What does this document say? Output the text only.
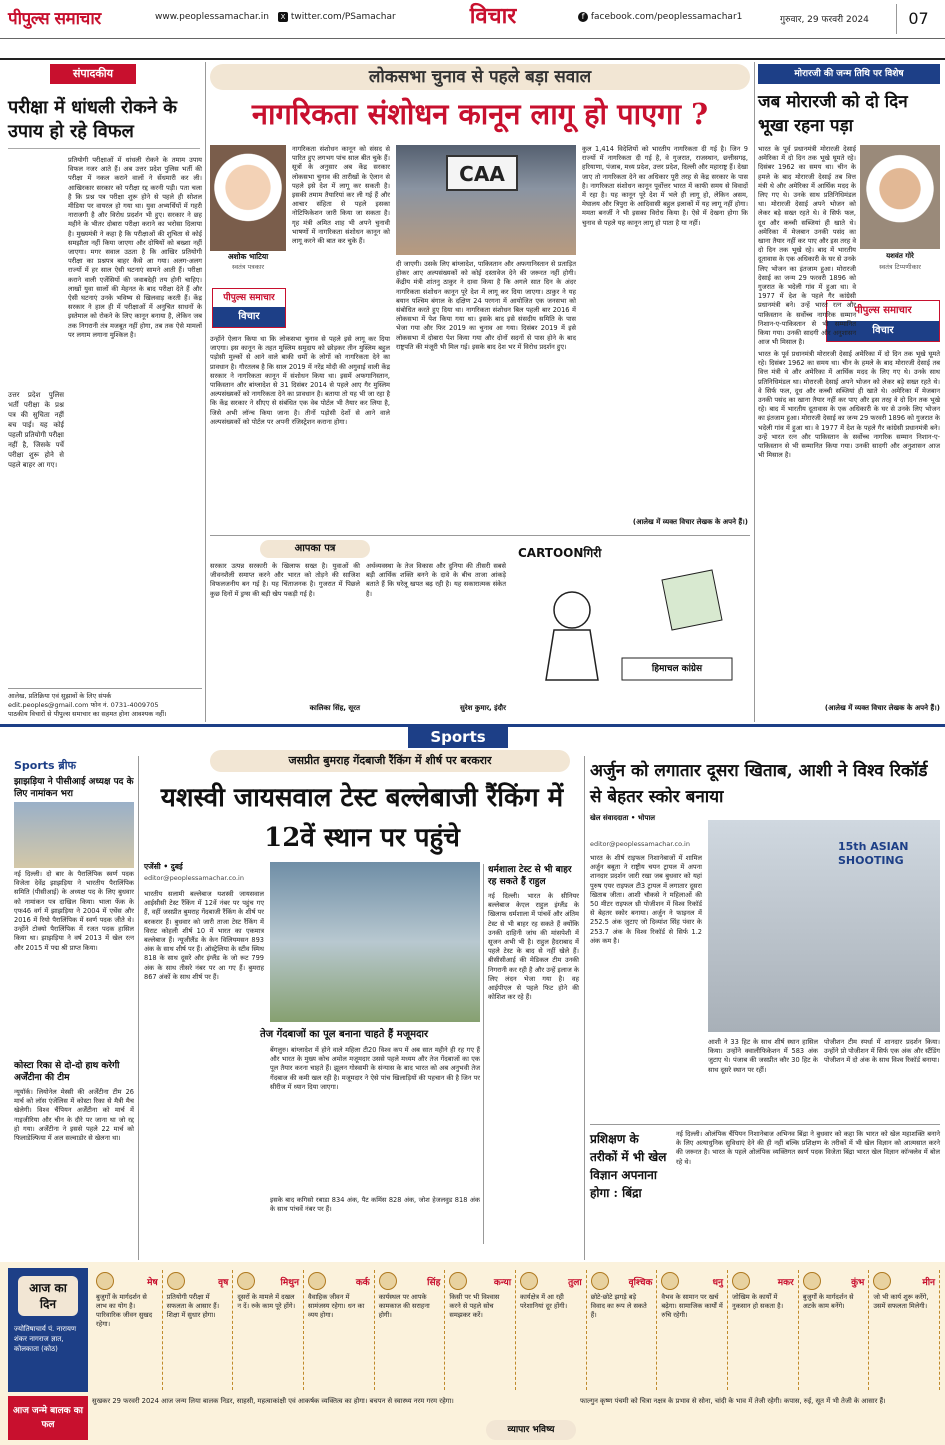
पीपुल्स समाचार	www.peoplessamachar.in	X twitter.com/PSamachar	विचार	f facebook.com/peoplessamachar1	गुरुवार, 29 फरवरी 2024	07
संपादकीय
परीक्षा में धांधली रोकने के उपाय हो रहे विफल
प्रतियोगी परीक्षाओं में धांधली रोकने के तमाम उपाय विफल नजर आते हैं। अब उत्तर प्रदेश पुलिस भर्ती की परीक्षा में नकल कराने वालों ने सेंधमारी कर ली। आखिरकार सरकार को परीक्षा रद्द करनी पड़ी। पता चला है कि प्रश्न पत्र परीक्षा शुरू होने से पहले ही सोशल मीडिया पर वायरल हो गया था। युवा अभ्यर्थियों में गहरी नाराजगी है और विरोध प्रदर्शन भी हुए। सरकार ने छह महीने के भीतर दोबारा परीक्षा कराने का भरोसा दिलाया है। मुख्यमंत्री ने कहा है कि परीक्षाओं की शुचिता से कोई समझौता नहीं किया जाएगा और दोषियों को बख्शा नहीं जाएगा। मगर सवाल उठता है कि आखिर प्रतियोगी परीक्षा का प्रश्नपत्र बाहर कैसे आ गया। अलग-अलग राज्यों में हर साल ऐसी घटनाएं सामने आती हैं। परीक्षा कराने वाली एजेंसियों की जवाबदेही तय होनी चाहिए। लाखों युवा सालों की मेहनत के बाद परीक्षा देते हैं और ऐसी घटनाएं उनके भविष्य से खिलवाड़ करती हैं। केंद्र सरकार ने हाल ही में परीक्षाओं में अनुचित साधनों के इस्तेमाल को रोकने के लिए कानून बनाया है, लेकिन जब तक निगरानी तंत्र मजबूत नहीं होगा, तब तक ऐसे मामलों पर लगाम लगाना मुश्किल है।
उत्तर प्रदेश पुलिस भर्ती परीक्षा के प्रश्न पत्र की सुचिता नहीं बच पाई। यह कोई पहली प्रतियोगी परीक्षा नहीं है, जिसके पर्चे परीक्षा शुरू होने से पहले बाहर आ गए।
आलेख, प्रतिक्रिया एवं सुझावों के लिए संपर्क
edit.peoples@gmail.com फोन नं. 0731-4009705
पाठकीय विचारों से पीपुल्स समाचार का सहमत होना आवश्यक नहीं।
लोकसभा चुनाव से पहले बड़ा सवाल
नागरिकता संशोधन कानून लागू हो पाएगा ?
अशोक भाटिया
स्वतंत्र पत्रकार
पीपुल्स समाचार
विचार
नागरिकता संशोधन कानून को संसद से पारित हुए लगभग पांच साल बीत चुके हैं। सूत्रों के अनुसार अब केंद्र सरकार लोकसभा चुनाव की तारीखों के ऐलान से पहले इसे देश में लागू कर सकती है। इसकी तमाम तैयारियां कर ली गई हैं और आचार संहिता से पहले इसका नोटिफिकेशन जारी किया जा सकता है। गृह मंत्री अमित शाह भी अपने चुनावी भाषणों में नागरिकता संशोधन कानून को लागू करने की बात कर चुके हैं।
उन्होंने ऐलान किया था कि लोकसभा चुनाव से पहले इसे लागू कर दिया जाएगा। इस कानून के तहत मुस्लिम समुदाय को छोड़कर तीन मुस्लिम बहुल पड़ोसी मुल्कों से आने वाले बाकी धर्मों के लोगों को नागरिकता देने का प्रावधान है। गौरतलब है कि साल 2019 में नरेंद्र मोदी की अगुवाई वाली केंद्र सरकार ने नागरिकता कानून में संशोधन किया था। इसमें अफगानिस्तान, पाकिस्तान और बांग्लादेश से 31 दिसंबर 2014 से पहले आए गैर मुस्लिम अल्पसंख्यकों को नागरिकता देने का प्रावधान है। बताया तो यह भी जा रहा है कि केंद्र सरकार ने सीएए से संबंधित एक वेब पोर्टल भी तैयार कर लिया है, जिसे अभी लॉन्च किया जाना है। तीनों पड़ोसी देशों से आने वाले अल्पसंख्यकों को पोर्टल पर अपनी रजिस्ट्रेशन कराना होगा।
CAA
दी जाएगी। उसके लिए बांग्लादेश, पाकिस्तान और अफगानिस्तान से प्रताड़ित होकर आए अल्पसंख्यकों को कोई दस्तावेज देने की जरूरत नहीं होगी। केंद्रीय मंत्री शांतनु ठाकुर ने दावा किया है कि अगले सात दिन के अंदर नागरिकता संशोधन कानून पूरे देश में लागू कर दिया जाएगा। ठाकुर ने यह बयान पश्चिम बंगाल के दक्षिण 24 परगना में आयोजित एक जनसभा को संबोधित करते हुए दिया था। नागरिकता संशोधन बिल पहली बार 2016 में लोकसभा में पेश किया गया था। इसके बाद इसे संसदीय समिति के पास भेजा गया और फिर 2019 का चुनाव आ गया। दिसंबर 2019 में इसे लोकसभा में दोबारा पेश किया गया और दोनों सदनों से पास होने के बाद राष्ट्रपति की मंजूरी भी मिल गई। इसके बाद देश भर में विरोध प्रदर्शन हुए।
कुल 1,414 विदेशियों को भारतीय नागरिकता दी गई है। जिन 9 राज्यों में नागरिकता दी गई है, वे गुजरात, राजस्थान, छत्तीसगढ़, हरियाणा, पंजाब, मध्य प्रदेश, उत्तर प्रदेश, दिल्ली और महाराष्ट्र हैं। देखा जाए तो नागरिकता देने का अधिकार पूरी तरह से केंद्र सरकार के पास है। नागरिकता संशोधन कानून पूर्वोत्तर भारत में काफी समय से विवादों में रहा है। यह कानून पूरे देश में भले ही लागू हो, लेकिन असम, मेघालय और त्रिपुरा के आदिवासी बहुल इलाकों में यह लागू नहीं होगा। ममता बनर्जी ने भी इसका विरोध किया है। ऐसे में देखना होगा कि चुनाव से पहले यह कानून लागू हो पाता है या नहीं।
(आलेख में व्यक्त विचार लेखक के अपने हैं।)
मोरारजी की जन्म तिथि पर विशेष
जब मोरारजी को दो दिन भूखा रहना पड़ा
यशवंत गोरे
स्वतंत्र टिप्पणीकार
पीपुल्स समाचार
विचार
भारत के पूर्व प्रधानमंत्री मोरारजी देसाई अमेरिका में दो दिन तक भूखे घूमते रहे। दिसंबर 1962 का समय था। चीन के हमले के बाद मोरारजी देसाई तब वित्त मंत्री थे और अमेरिका में आर्थिक मदद के लिए गए थे। उनके साथ प्रतिनिधिमंडल था। मोरारजी देसाई अपने भोजन को लेकर बड़े सख्त रहते थे। वे सिर्फ फल, दूध और कच्ची सब्जियां ही खाते थे। अमेरिका में मेजबान उनकी पसंद का खाना तैयार नहीं कर पाए और इस तरह वे दो दिन तक भूखे रहे। बाद में भारतीय दूतावास के एक अधिकारी के घर से उनके लिए भोजन का इंतजाम हुआ। मोरारजी देसाई का जन्म 29 फरवरी 1896 को गुजरात के भदेली गांव में हुआ था। वे 1977 में देश के पहले गैर कांग्रेसी प्रधानमंत्री बने। उन्हें भारत रत्न और पाकिस्तान के सर्वोच्च नागरिक सम्मान निशान-ए-पाकिस्तान से भी सम्मानित किया गया। उनकी सादगी और अनुशासन आज भी मिसाल है।
भारत के पूर्व प्रधानमंत्री मोरारजी देसाई अमेरिका में दो दिन तक भूखे घूमते रहे। दिसंबर 1962 का समय था। चीन के हमले के बाद मोरारजी देसाई तब वित्त मंत्री थे और अमेरिका में आर्थिक मदद के लिए गए थे। उनके साथ प्रतिनिधिमंडल था। मोरारजी देसाई अपने भोजन को लेकर बड़े सख्त रहते थे। वे सिर्फ फल, दूध और कच्ची सब्जियां ही खाते थे। अमेरिका में मेजबान उनकी पसंद का खाना तैयार नहीं कर पाए और इस तरह वे दो दिन तक भूखे रहे। बाद में भारतीय दूतावास के एक अधिकारी के घर से उनके लिए भोजन का इंतजाम हुआ। मोरारजी देसाई का जन्म 29 फरवरी 1896 को गुजरात के भदेली गांव में हुआ था। वे 1977 में देश के पहले गैर कांग्रेसी प्रधानमंत्री बने। उन्हें भारत रत्न और पाकिस्तान के सर्वोच्च नागरिक सम्मान निशान-ए-पाकिस्तान से भी सम्मानित किया गया। उनकी सादगी और अनुशासन आज भी मिसाल है।
(आलेख में व्यक्त विचार लेखक के अपने हैं।)
आपका पत्र
सरकार उत्पन्न सरकारी के खिलाफ सख्त है। युवाओं की जीवनशैली समाप्त करने और भारत को तोड़ने की साजिश विफलजनीय बन गई है। यह चिंताजनक है। गुजरात में पिछले कुछ दिनों में ड्रग्स की बड़ी खेप पकड़ी गई है।
कालिका सिंह, सूरत
अर्थव्यवस्था के तेज विकास और दुनिया की तीसरी सबसे बड़ी आर्थिक शक्ति बनने के दावे के बीच ताजा आंकड़े बताते हैं कि घरेलू खपत बढ़ रही है। यह सकारात्मक संकेत है।
सुरेश कुमार, इंदौर
CARTOONगिरी
हिमाचल कांग्रेस
Sports
Sports ब्रीफ
झाझड़िया ने पीसीआई अध्यक्ष पद के लिए नामांकन भरा
नई दिल्ली। दो बार के पैरालिंपिक स्वर्ण पदक विजेता देवेंद्र झाझड़िया ने भारतीय पैरालिंपिक समिति (पीसीआई) के अध्यक्ष पद के लिए बुधवार को नामांकन पत्र दाखिल किया। भाला फेंक के एफ46 वर्ग में झाझड़िया ने 2004 में एथेंस और 2016 में रियो पैरालिंपिक में स्वर्ण पदक जीते थे। उन्होंने टोक्यो पैरालिंपिक में रजत पदक हासिल किया था। झाझड़िया ने वर्ष 2013 में खेल रत्न और 2015 में पद्म श्री प्राप्त किया।
कोस्टा रिका से दो-दो हाथ करेगी अर्जेंटीना की टीम
न्यूयॉर्क। लियोनेल मेस्सी की अर्जेंटीना टीम 26 मार्च को लॉस एंजेलिस में कोस्टा रिका से मैत्री मैच खेलेगी। विश्व चैंपियन अर्जेंटीना को मार्च में नाइजीरिया और चीन के दौरे पर जाना था जो रद्द हो गया। अर्जेंटीना ने इससे पहले 22 मार्च को फिलाडेल्फिया में अल सल्वाडोर से खेलना था।
जसप्रीत बुमराह गेंदबाजी रैंकिंग में शीर्ष पर बरकरार
यशस्वी जायसवाल टेस्ट बल्लेबाजी रैंकिंग में 12वें स्थान पर पहुंचे
एजेंसी • दुबई
editor@peoplessamachar.co.in
भारतीय सलामी बल्लेबाज यशस्वी जायसवाल आईसीसी टेस्ट रैंकिंग में 12वें नंबर पर पहुंच गए हैं, वहीं जसप्रीत बुमराह गेंदबाजी रैंकिंग के शीर्ष पर बरकरार हैं। बुधवार को जारी ताजा टेस्ट रैंकिंग में विराट कोहली शीर्ष 10 में भारत का एकमात्र बल्लेबाज हैं। न्यूजीलैंड के केन विलियमसन 893 अंक के साथ शीर्ष पर हैं। ऑस्ट्रेलिया के स्टीव स्मिथ 818 के साथ दूसरे और इंग्लैंड के जो रूट 799 अंक के साथ तीसरे नंबर पर आ गए हैं। बुमराह 867 अंकों के साथ शीर्ष पर हैं।
तेज गेंदबाजों का पूल बनाना चाहते हैं मजूमदार
बेंगलुरु। बांग्लादेश में होने वाले महिला टी20 विश्व कप में अब सात महीने ही रह गए हैं और भारत के मुख्य कोच अमोल मजूमदार उससे पहले मध्यम और तेज गेंदबाजों का एक पूल तैयार करना चाहते हैं। झूलन गोस्वामी के संन्यास के बाद भारत को अब अनुभवी तेज गेंदबाज की कमी खल रही है। मजूमदार ने ऐसे पांच खिलाड़ियों की पहचान की है जिन पर सीरीज में ध्यान दिया जाएगा।
इसके बाद कगिसो रबाडा 834 अंक, पैट कमिंस 828 अंक, जोश हेजलवुड 818 अंक के साथ पांचवें नंबर पर हैं।
धर्मशाला टेस्ट से भी बाहर रह सकते हैं राहुल
नई दिल्ली। भारत के सीनियर बल्लेबाज केएल राहुल इंग्लैंड के खिलाफ धर्मशाला में पांचवें और अंतिम टेस्ट से भी बाहर रह सकते हैं क्योंकि उनकी दाहिनी जांघ की मांसपेशी में सूजन अभी भी है। राहुल हैदराबाद में पहले टेस्ट के बाद से नहीं खेले हैं। बीसीसीआई की मेडिकल टीम उनकी निगरानी कर रही है और उन्हें इलाज के लिए लंदन भेजा गया है। वह आईपीएल से पहले फिट होने की कोशिश कर रहे हैं।
अर्जुन को लगातार दूसरा खिताब, आशी ने विश्व रिकॉर्ड से बेहतर स्कोर बनाया
खेल संवाददाता • भोपाल
editor@peoplessamachar.co.in
भारत के शीर्ष राइफल निशानेबाजों में शामिल अर्जुन बबूता ने राष्ट्रीय चयन ट्रायल में अपना शानदार प्रदर्शन जारी रखा जब बुधवार को यहां पुरुष एयर राइफल टी3 ट्रायल में लगातार दूसरा खिताब जीता। आशी चौकसे ने महिलाओं की 50 मीटर राइफल थ्री पोजीशन में विश्व रिकॉर्ड से बेहतर स्कोर बनाया। अर्जुन ने फाइनल में 252.5 अंक जुटाए जो दिव्यांश सिंह पंवार के 253.7 अंक के विश्व रिकॉर्ड से सिर्फ 1.2 अंक कम है।
15th ASIAN SHOOTING
आशी ने 33 हिट के साथ शीर्ष स्थान हासिल किया। उन्होंने क्वालीफिकेशन में 583 अंक जुटाए थे। पंजाब की जसप्रीत कौर 30 हिट के साथ दूसरे स्थान पर रहीं।
पोजीशन टीम स्पर्धा में शानदार प्रदर्शन किया। उन्होंने प्रो पोजीशन में सिर्फ एक अंक और स्टैंडिंग पोजीशन में दो अंक के साथ विश्व रिकॉर्ड बनाया।
प्रशिक्षण के तरीकों में भी खेल विज्ञान अपनाना होगा : बिंद्रा
नई दिल्ली। ओलंपिक चैंपियन निशानेबाज अभिनव बिंद्रा ने बुधवार को कहा कि भारत को खेल महाशक्ति बनाने के लिए अत्याधुनिक सुविधाएं देने की ही नहीं बल्कि प्रशिक्षण के तरीकों में भी खेल विज्ञान को आत्मसात करने की जरूरत है। भारत के पहले ओलंपिक व्यक्तिगत स्वर्ण पदक विजेता बिंद्रा भारत खेल विज्ञान कॉन्क्लेव में बोल रहे थे।
आज का दिन
ज्योतिषाचार्य पं. नारायण शंकर नागराज ज्ञात, कोलकाता (कोठ)
मेष
बुजुर्गों के मार्गदर्शन से लाभ का योग है। पारिवारिक जीवन सुखद रहेगा।
वृष
प्रतियोगी परीक्षा में सफलता के आसार हैं। शिक्षा में सुधार होगा।
मिथुन
दूसरों के मामले में दखल न दें। रुके काम पूरे होंगे।
कर्क
वैवाहिक जीवन में सामंजस्य रहेगा। धन का व्यय होगा।
सिंह
कार्यस्थल पर आपके कामकाज की सराहना होगी।
कन्या
किसी पर भी विश्वास करने से पहले सोच समझकर करें।
तुला
कार्यक्षेत्र में आ रही परेशानियां दूर होंगी।
वृश्चिक
छोटे-छोटे झगड़े बड़े विवाद का रूप ले सकते हैं।
धनु
वैभव के सामान पर खर्च बढ़ेगा। सामाजिक कार्यों में रुचि रहेगी।
मकर
जोखिम के कार्यों में नुकसान हो सकता है।
कुंभ
बुजुर्गों के मार्गदर्शन से अटके काम बनेंगे।
मीन
जो भी कार्य शुरू करेंगे, उसमें सफलता मिलेगी।
आज जन्मे बालक का फल
सुखकर 29 फरवरी 2024 आज जन्म लिया बालक निडर, साहसी, महत्वाकांक्षी एवं आकर्षक व्यक्तित्व का होगा। बचपन से स्वास्थ्य नरम गरम रहेगा।
व्यापार भविष्य
फाल्गुन कृष्ण पंचमी को चित्रा नक्षत्र के प्रभाव से सोना, चांदी के भाव में तेजी रहेगी। कपास, रुई, सूत में भी तेजी के आसार हैं।
